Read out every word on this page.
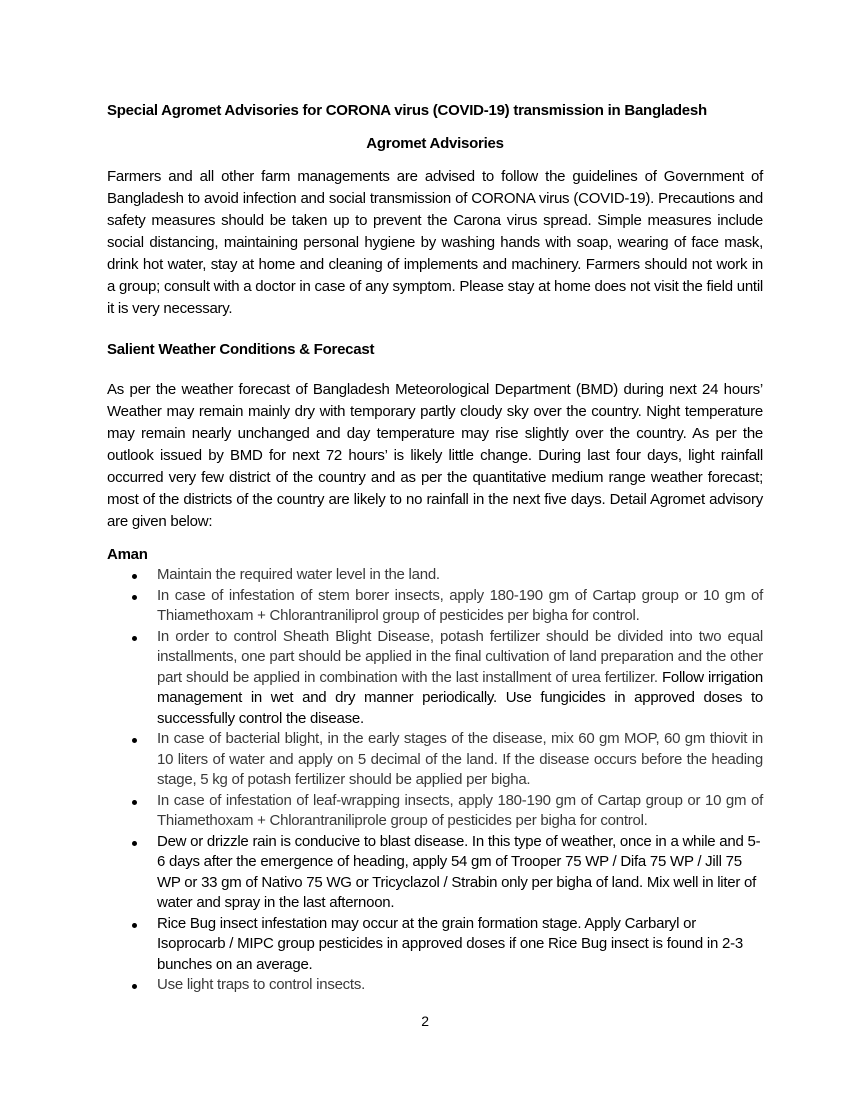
Special Agromet Advisories for CORONA virus (COVID-19) transmission in Bangladesh
Agromet Advisories
Farmers and all other farm managements are advised to follow the guidelines of Government of Bangladesh to avoid infection and social transmission of CORONA virus (COVID-19). Precautions and safety measures should be taken up to prevent the Carona virus spread. Simple measures include social distancing, maintaining personal hygiene by washing hands with soap, wearing of face mask, drink hot water, stay at home and cleaning of implements and machinery. Farmers should not work in a group; consult with a doctor in case of any symptom. Please stay at home does not visit the field until it is very necessary.
Salient Weather Conditions & Forecast
As per the weather forecast of Bangladesh Meteorological Department (BMD) during next 24 hours’ Weather may remain mainly dry with temporary partly cloudy sky over the country. Night temperature may remain nearly unchanged and day temperature may rise slightly over the country. As per the outlook issued by BMD for next 72 hours’ is likely little change. During last four days, light rainfall occurred very few district of the country and as per the quantitative medium range weather forecast; most of the districts of the country are likely to no rainfall in the next five days. Detail Agromet advisory are given below:
Aman
Maintain the required water level in the land.
In case of infestation of stem borer insects, apply 180-190 gm of Cartap group or 10 gm of Thiamethoxam + Chlorantraniliprol group of pesticides per bigha for control.
In order to control Sheath Blight Disease, potash fertilizer should be divided into two equal installments, one part should be applied in the final cultivation of land preparation and the other part should be applied in combination with the last installment of urea fertilizer. Follow irrigation management in wet and dry manner periodically. Use fungicides in approved doses to successfully control the disease.
In case of bacterial blight, in the early stages of the disease, mix 60 gm MOP, 60 gm thiovit in 10 liters of water and apply on 5 decimal of the land. If the disease occurs before the heading stage, 5 kg of potash fertilizer should be applied per bigha.
In case of infestation of leaf-wrapping insects, apply 180-190 gm of Cartap group or 10 gm of Thiamethoxam + Chlorantraniliprole group of pesticides per bigha for control.
Dew or drizzle rain is conducive to blast disease. In this type of weather, once in a while and 5-6 days after the emergence of heading, apply 54 gm of Trooper 75 WP / Difa 75 WP / Jill 75 WP or 33 gm of Nativo 75 WG or Tricyclazol / Strabin only per bigha of land. Mix well in liter of water and spray in the last afternoon.
Rice Bug insect infestation may occur at the grain formation stage. Apply Carbaryl or Isoprocarb / MIPC group pesticides in approved doses if one Rice Bug insect is found in 2-3 bunches on an average.
Use light traps to control insects.
2
